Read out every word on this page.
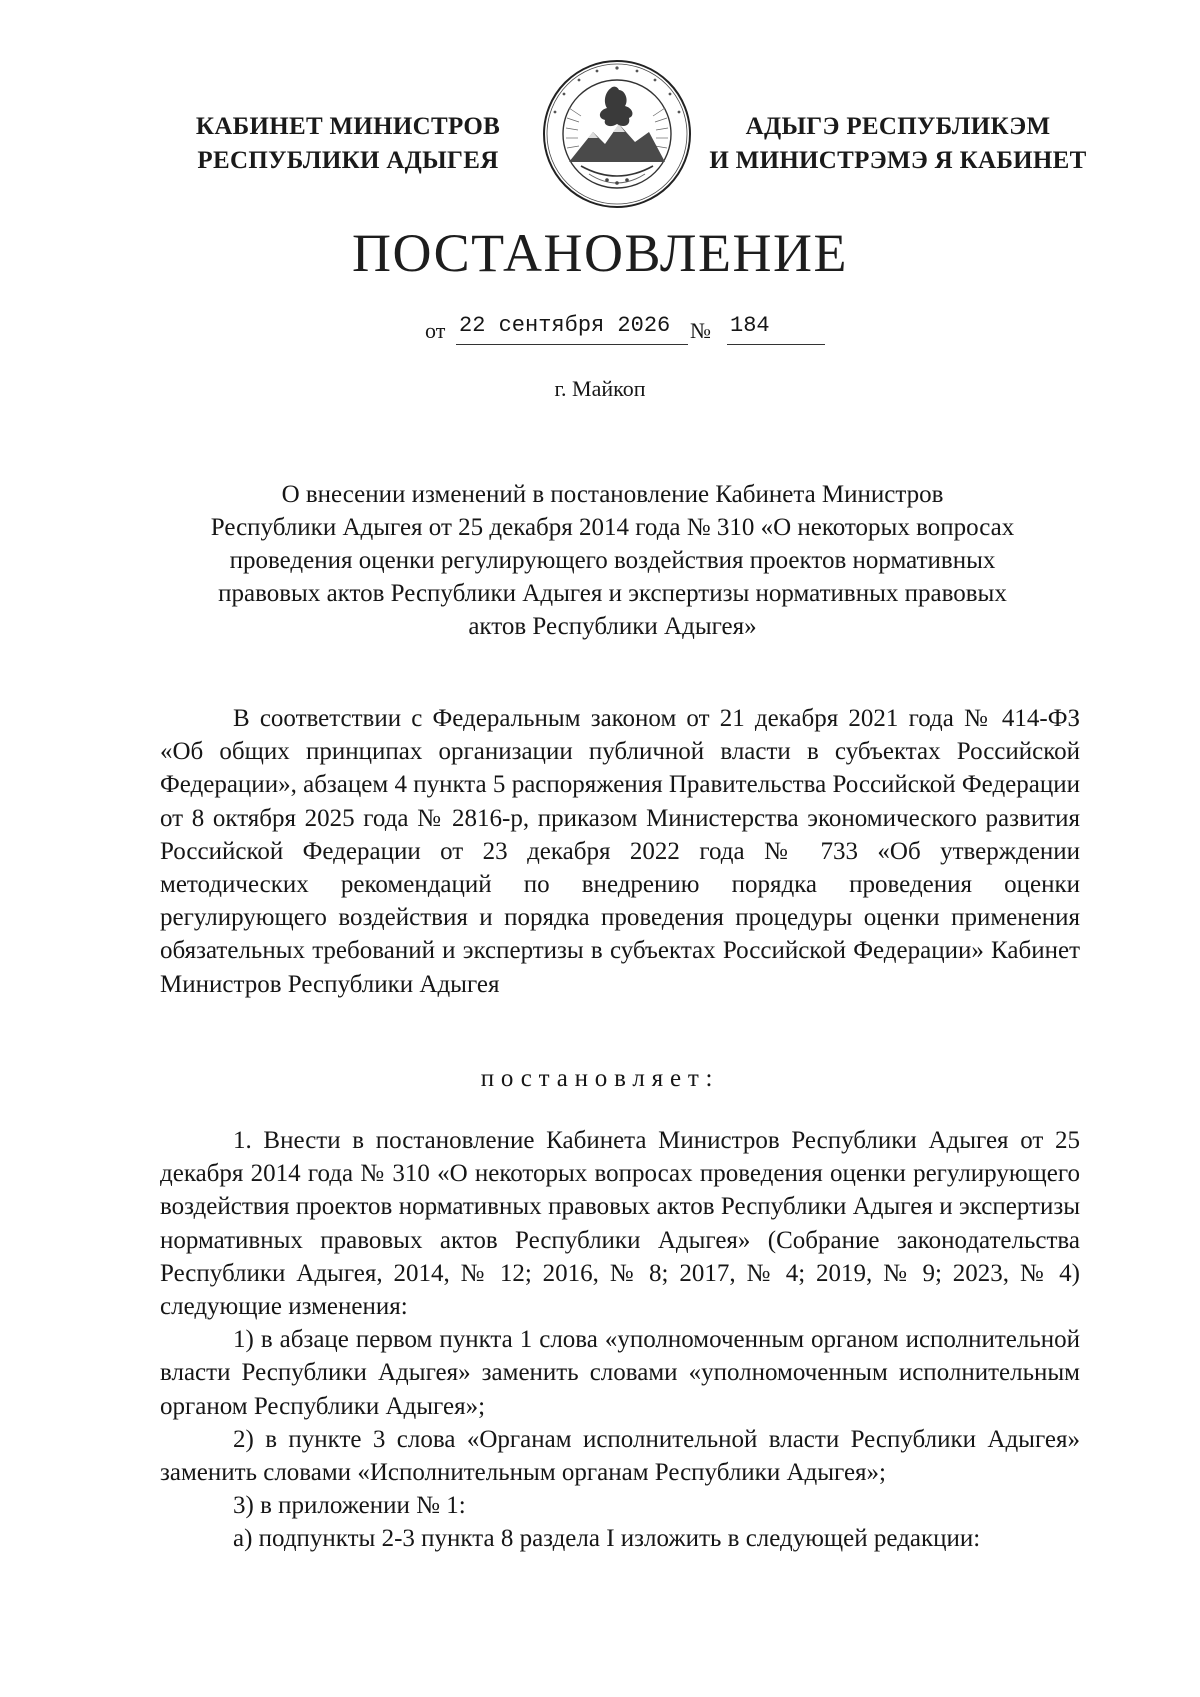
КАБИНЕТ МИНИСТРОВ
РЕСПУБЛИКИ АДЫГЕЯ
АДЫГЭ РЕСПУБЛИКЭМ
И МИНИСТРЭМЭ Я КАБИНЕТ
ПОСТАНОВЛЕНИЕ
от 22 сентября 2026 № 184
г. Майкоп
О внесении изменений в постановление Кабинета Министров
Республики Адыгея от 25 декабря 2014 года № 310 «О некоторых вопросах
проведения оценки регулирующего воздействия проектов нормативных
правовых актов Республики Адыгея и экспертизы нормативных правовых
актов Республики Адыгея»

В соответствии с Федеральным законом от 21 декабря 2021 года № 414-ФЗ «Об общих принципах организации публичной власти в субъектах Российской Федерации», абзацем 4 пункта 5 распоряжения Правительства Российской Федерации от 8 октября 2025 года № 2816-р, приказом Министерства экономического развития Российской Федерации от 23 декабря 2022 года № 733 «Об утверждении методических рекомендаций по внедрению порядка проведения оценки регулирующего воздействия и порядка проведения процедуры оценки применения обязательных требований и экспертизы в субъектах Российской Федерации» Кабинет Министров Республики Адыгея

постановляет:

1. Внести в постановление Кабинета Министров Республики Адыгея от 25 декабря 2014 года № 310 «О некоторых вопросах проведения оценки регулирующего воздействия проектов нормативных правовых актов Республики Адыгея и экспертизы нормативных правовых актов Республики Адыгея» (Собрание законодательства Республики Адыгея, 2014, № 12; 2016, № 8; 2017, № 4; 2019, № 9; 2023, № 4) следующие изменения:

1) в абзаце первом пункта 1 слова «уполномоченным органом исполнительной власти Республики Адыгея» заменить словами «уполномоченным исполнительным органом Республики Адыгея»;

2) в пункте 3 слова «Органам исполнительной власти Республики Адыгея» заменить словами «Исполнительным органам Республики Адыгея»;

3) в приложении № 1:

а) подпункты 2-3 пункта 8 раздела I изложить в следующей редакции:
